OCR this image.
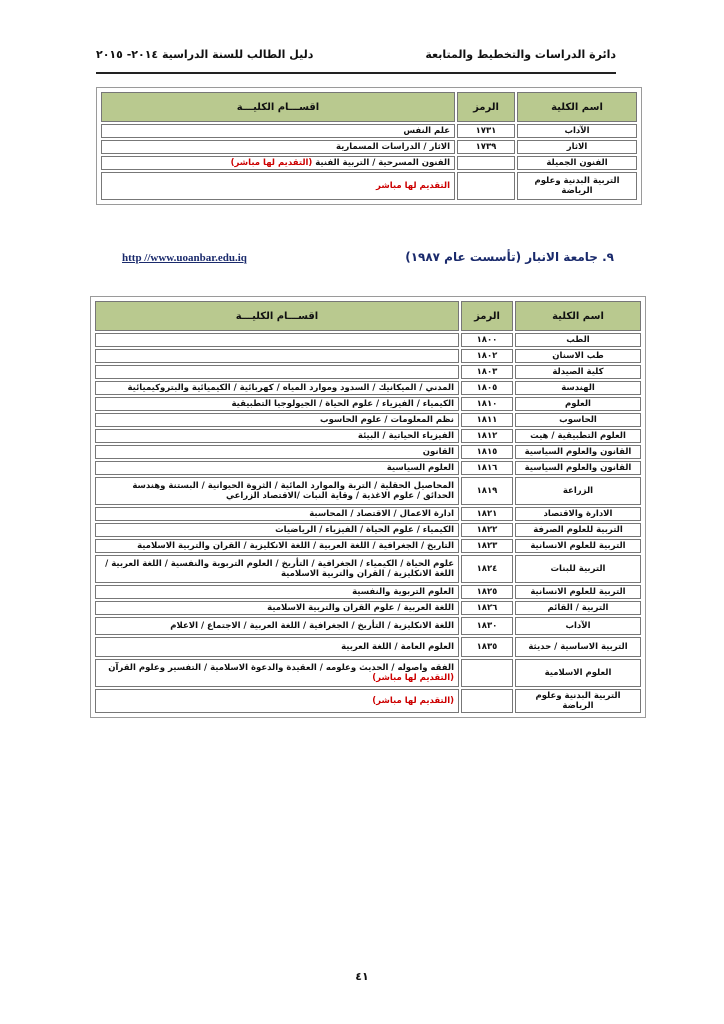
دائرة الدراسات والتخطيط والمتابعة
دليل الطالب للسنة الدراسية ٢٠١٤- ٢٠١٥
اسم الكلية	الرمز	اقســـام الكليـــة
الآداب	١٧٣١	علم النفس
الاثار	١٧٣٩	الاثار / الدراسات المسمارية
الفنون الجميلة		الفنون المسرحية / التربية الفنية (التقديم لها مباشر)
التربية البدنية وعلوم الرياضة		التقديم لها مباشر
٩. جامعة الانبار (تأسست عام ١٩٨٧)
http //www.uoanbar.edu.iq
اسم الكلية	الرمز	اقســـام الكليـــة
الطب	١٨٠٠	
طب الاسنان	١٨٠٢	
كلية الصيدلة	١٨٠٣	
الهندسة	١٨٠٥	المدني / الميكانيك / السدود وموارد المياه / كهربائية / الكيميائية والبتروكيميائية
العلوم	١٨١٠	الكيمياء / الفيزياء / علوم الحياة / الجيولوجيا التطبيقية
الحاسوب	١٨١١	نظم المعلومات / علوم الحاسوب
العلوم التطبيقية / هيت	١٨١٢	الفيزياء الحياتية / البيئة
القانون والعلوم السياسية	١٨١٥	القانون
القانون والعلوم السياسية	١٨١٦	العلوم السياسية
الزراعة	١٨١٩	المحاصيل الحقلية / التربة والموارد المائية / الثروة الحيوانية / البستنة وهندسة الحدائق / علوم الاغذية / وقاية النبات /الاقتصاد الزراعي
الادارة والاقتصاد	١٨٢١	ادارة الاعمال / الاقتصاد / المحاسبة
التربية للعلوم الصرفة	١٨٢٢	الكيمياء / علوم الحياة / الفيزياء / الرياضيات
التربية للعلوم الانسانية	١٨٢٣	التاريخ / الجغرافية / اللغة العربية / اللغة الانكليزية / القران والتربية الاسلامية
التربية للبنات	١٨٢٤	علوم الحياة / الكيمياء / الجغرافية / التأريخ / العلوم التربوية والنفسية / اللغة العربية / اللغة الانكليزية / القران والتربية الاسلامية
التربية للعلوم الانسانية	١٨٢٥	العلوم التربوية والنفسية
التربية / القائم	١٨٢٦	اللغة العربية / علوم القران والتربية الاسلامية
الآداب	١٨٣٠	اللغة الانكليزية / التأريخ / الجغرافية / اللغة العربية / الاجتماع / الاعلام
التربية الاساسية / حديثة	١٨٣٥	العلوم العامة / اللغة العربية
العلوم الاسلامية		الفقه واصوله / الحديث وعلومه / العقيدة والدعوة الاسلامية / التفسير وعلوم القرآن (التقديم لها مباشر)
التربية البدنية وعلوم الرياضة		(التقديم لها مباشر)
٤١
